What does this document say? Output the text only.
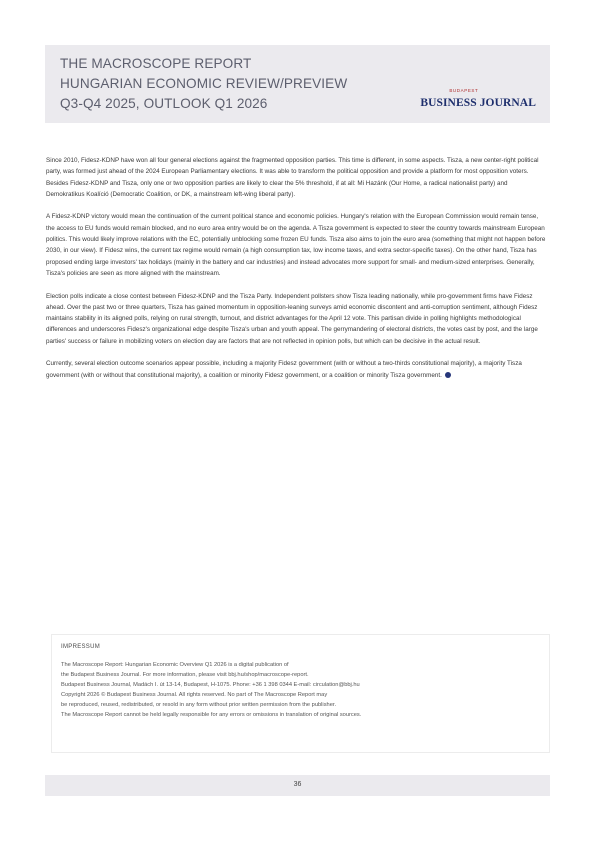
THE MACROSCOPE REPORT
HUNGARIAN ECONOMIC REVIEW/PREVIEW
Q3-Q4 2025, OUTLOOK Q1 2026
BUDAPEST
BUSINESS JOURNAL

Since 2010, Fidesz-KDNP have won all four general elections against the fragmented opposition parties. This time is different, in some aspects. Tisza, a new center-right political party, was formed just ahead of the 2024 European Parliamentary elections. It was able to transform the political opposition and provide a platform for most opposition voters. Besides Fidesz-KDNP and Tisza, only one or two opposition parties are likely to clear the 5% threshold, if at all: Mi Hazánk (Our Home, a radical nationalist party) and Demokratikus Koalíció (Democratic Coalition, or DK, a mainstream left-wing liberal party).

A Fidesz-KDNP victory would mean the continuation of the current political stance and economic policies. Hungary's relation with the European Commission would remain tense, the access to EU funds would remain blocked, and no euro area entry would be on the agenda. A Tisza government is expected to steer the country towards mainstream European politics. This would likely improve relations with the EC, potentially unblocking some frozen EU funds. Tisza also aims to join the euro area (something that might not happen before 2030, in our view). If Fidesz wins, the current tax regime would remain (a high consumption tax, low income taxes, and extra sector-specific taxes). On the other hand, Tisza has proposed ending large investors' tax holidays (mainly in the battery and car industries) and instead advocates more support for small- and medium-sized enterprises. Generally, Tisza's policies are seen as more aligned with the mainstream.

Election polls indicate a close contest between Fidesz-KDNP and the Tisza Party. Independent pollsters show Tisza leading nationally, while pro-government firms have Fidesz ahead. Over the past two or three quarters, Tisza has gained momentum in opposition-leaning surveys amid economic discontent and anti-corruption sentiment, although Fidesz maintains stability in its aligned polls, relying on rural strength, turnout, and district advantages for the April 12 vote. This partisan divide in polling highlights methodological differences and underscores Fidesz's organizational edge despite Tisza's urban and youth appeal. The gerrymandering of electoral districts, the votes cast by post, and the large parties' success or failure in mobilizing voters on election day are factors that are not reflected in opinion polls, but which can be decisive in the actual result.

Currently, several election outcome scenarios appear possible, including a majority Fidesz government (with or without a two-thirds constitutional majority), a majority Tisza government (with or without that constitutional majority), a coalition or minority Fidesz government, or a coalition or minority Tisza government.

IMPRESSUM
The Macroscope Report: Hungarian Economic Overview Q1 2026 is a digital publication of
the Budapest Business Journal. For more information, please visit bbj.hu/shop/macroscope-report.
Budapest Business Journal, Madách I. út 13-14, Budapest, H-1075. Phone: +36 1 398 0344 E-mail: circulation@bbj.hu
Copyright 2026 © Budapest Business Journal. All rights reserved. No part of The Macroscope Report may
be reproduced, reused, redistributed, or resold in any form without prior written permission from the publisher.
The Macroscope Report cannot be held legally responsible for any errors or omissions in translation of original sources.
36
